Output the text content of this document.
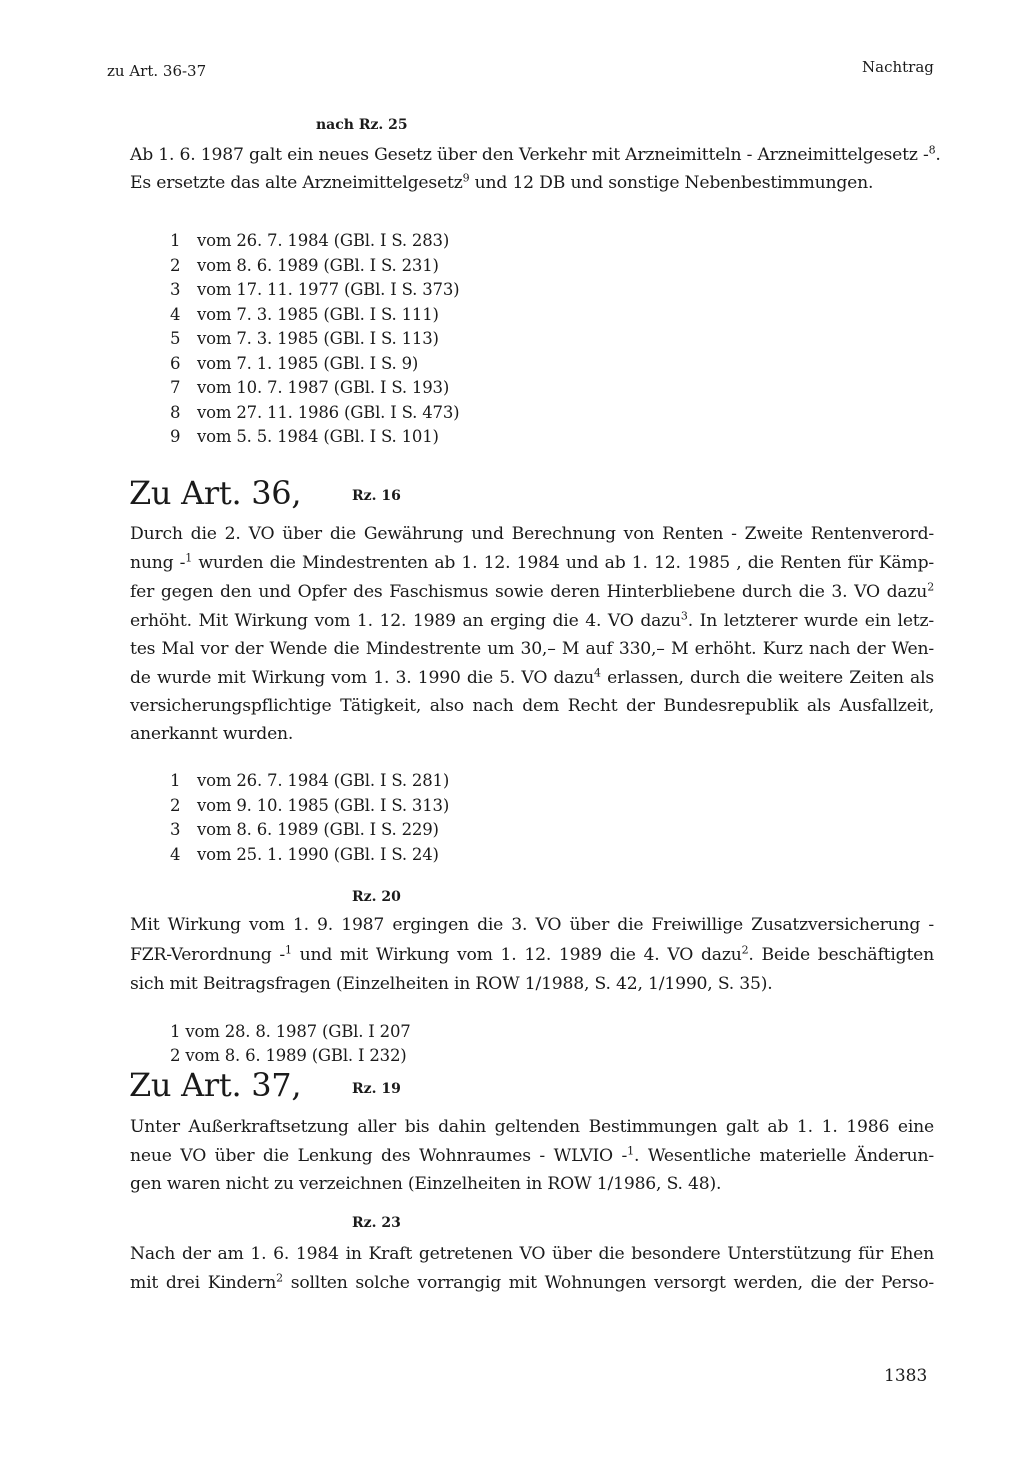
zu Art. 36-37	Nachtrag
nach Rz. 25
Ab 1. 6. 1987 galt ein neues Gesetz über den Verkehr mit Arzneimitteln - Arzneimittelgesetz -$^8$.
Es ersetzte das alte Arzneimittelgesetz$^9$ und 12 DB und sonstige Nebenbestimmungen.
1 vom 26. 7. 1984 (GBl. I S. 283)
2 vom 8. 6. 1989 (GBl. I S. 231)
3 vom 17. 11. 1977 (GBl. I S. 373)
4 vom 7. 3. 1985 (GBl. I S. 111)
5 vom 7. 3. 1985 (GBl. I S. 113)
6 vom 7. 1. 1985 (GBl. I S. 9)
7 vom 10. 7. 1987 (GBl. I S. 193)
8 vom 27. 11. 1986 (GBl. I S. 473)
9 vom 5. 5. 1984 (GBl. I S. 101)
Zu Art. 36,	Rz. 16
Durch die 2. VO über die Gewährung und Berechnung von Renten - Zweite Rentenverord-
nung -$^1$ wurden die Mindestrenten ab 1. 12. 1984 und ab 1. 12. 1985 , die Renten für Kämp-
fer gegen den und Opfer des Faschismus sowie deren Hinterbliebene durch die 3. VO dazu$^2$
erhöht. Mit Wirkung vom 1. 12. 1989 an erging die 4. VO dazu$^3$. In letzterer wurde ein letz-
tes Mal vor der Wende die Mindestrente um 30,– M auf 330,– M erhöht. Kurz nach der Wen-
de wurde mit Wirkung vom 1. 3. 1990 die 5. VO dazu$^4$ erlassen, durch die weitere Zeiten als
versicherungspflichtige Tätigkeit, also nach dem Recht der Bundesrepublik als Ausfallzeit,
anerkannt wurden.
1 vom 26. 7. 1984 (GBl. I S. 281)
2 vom 9. 10. 1985 (GBl. I S. 313)
3 vom 8. 6. 1989 (GBl. I S. 229)
4 vom 25. 1. 1990 (GBl. I S. 24)
Rz. 20
Mit Wirkung vom 1. 9. 1987 ergingen die 3. VO über die Freiwillige Zusatzversicherung -
FZR-Verordnung -$^1$ und mit Wirkung vom 1. 12. 1989 die 4. VO dazu$^2$. Beide beschäftigten
sich mit Beitragsfragen (Einzelheiten in ROW 1/1988, S. 42, 1/1990, S. 35).
1 vom 28. 8. 1987 (GBl. I 207
2 vom 8. 6. 1989 (GBl. I 232)
Zu Art. 37,	Rz. 19
Unter Außerkraftsetzung aller bis dahin geltenden Bestimmungen galt ab 1. 1. 1986 eine
neue VO über die Lenkung des Wohnraumes - WLVIO -$^1$. Wesentliche materielle Änderun-
gen waren nicht zu verzeichnen (Einzelheiten in ROW 1/1986, S. 48).
Rz. 23
Nach der am 1. 6. 1984 in Kraft getretenen VO über die besondere Unterstützung für Ehen
mit drei Kindern$^2$ sollten solche vorrangig mit Wohnungen versorgt werden, die der Perso-
1383
